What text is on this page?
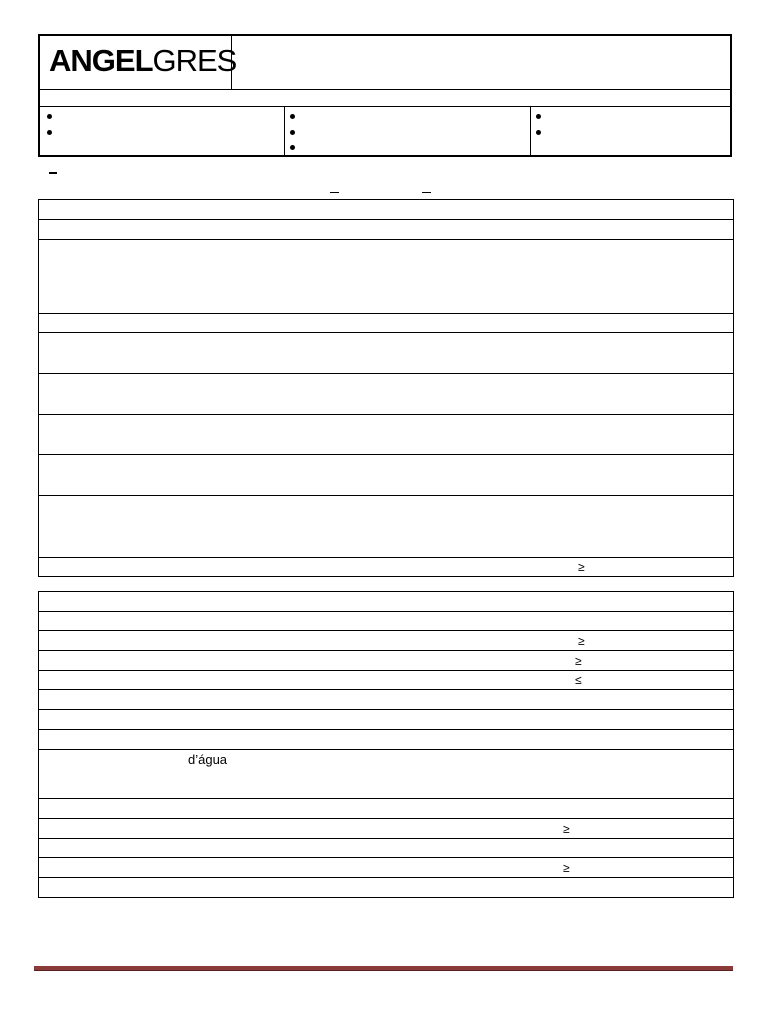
ANGELGRES
≥
≥
≥
≤
d’água
≥
≥
